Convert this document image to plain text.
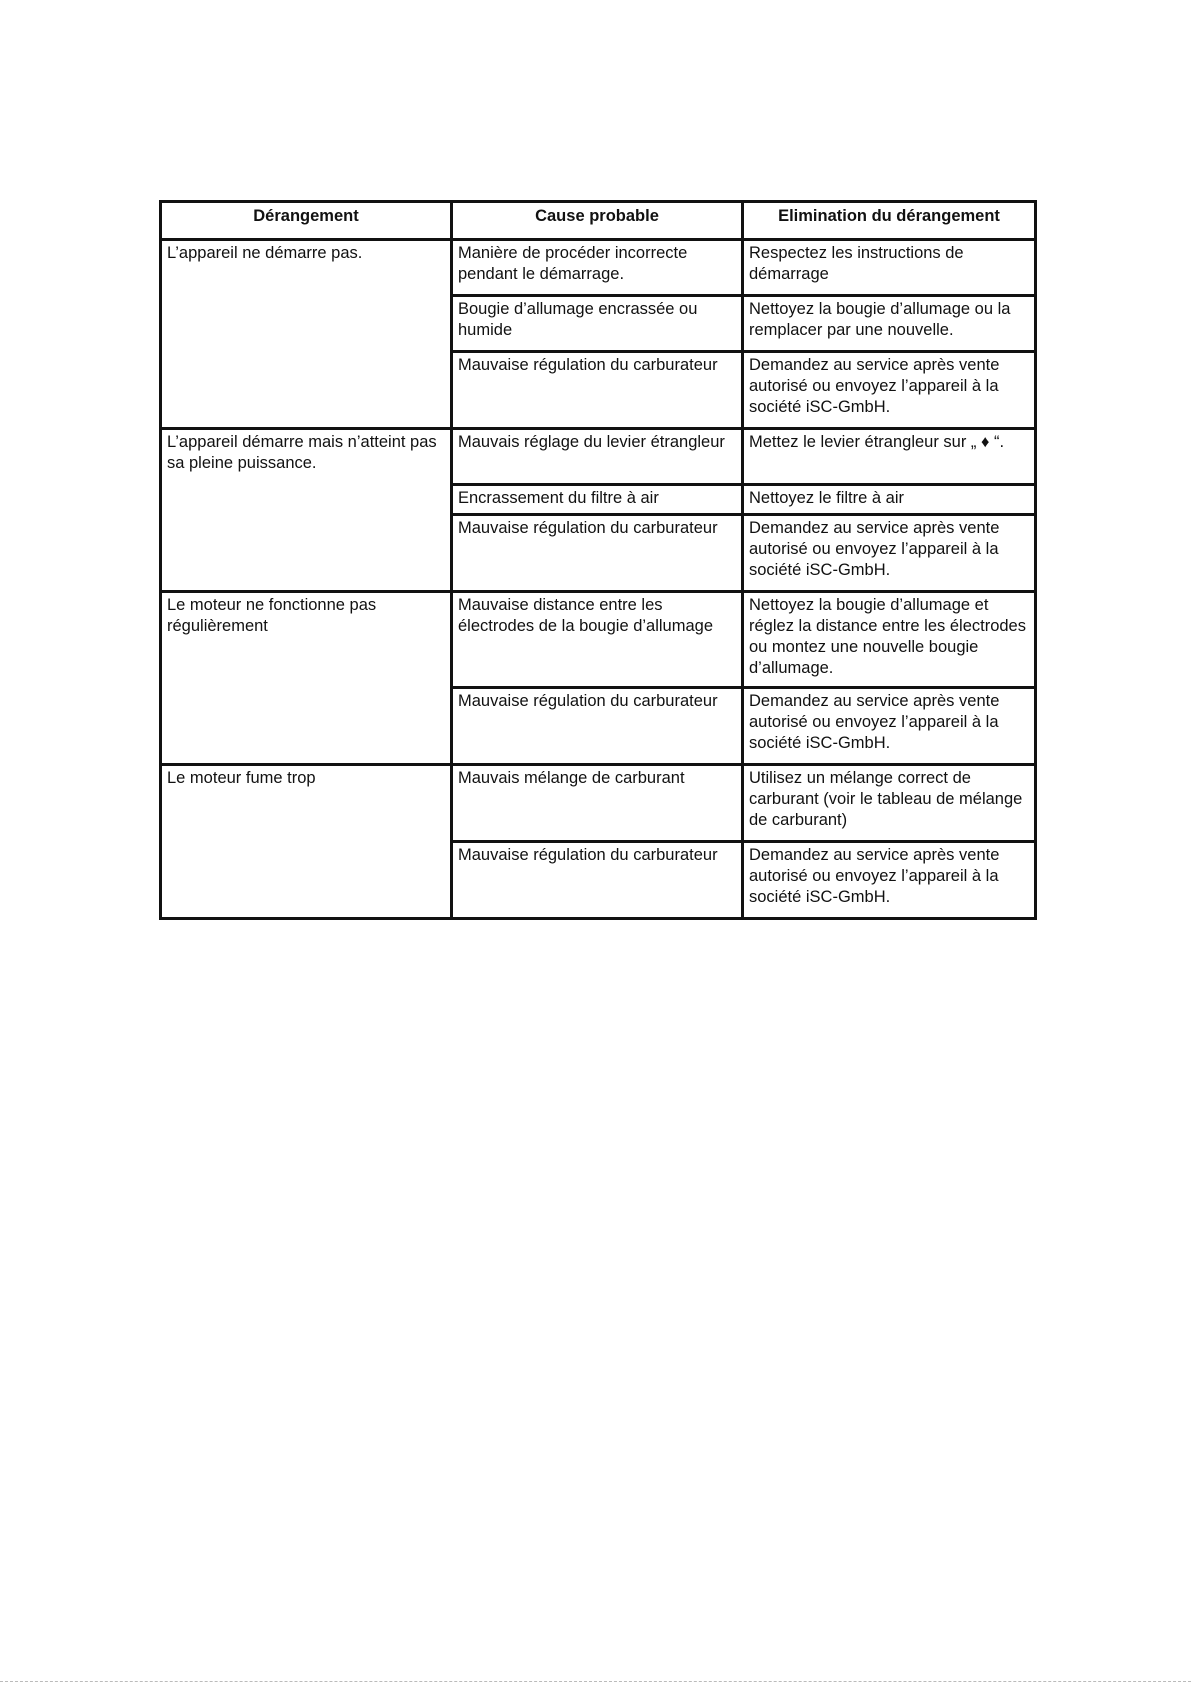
Dérangement	Cause probable	Elimination du dérangement
L’appareil ne démarre pas.	Manière de procéder incorrecte pendant le démarrage.	Respectez les instructions de démarrage
	Bougie d’allumage encrassée ou humide	Nettoyez la bougie d’allumage ou la remplacer par une nouvelle.
	Mauvaise régulation du carburateur	Demandez au service après vente autorisé ou envoyez l’appareil à la société iSC-GmbH.
L’appareil démarre mais n’atteint pas sa pleine puissance.	Mauvais réglage du levier étrangleur	Mettez le levier étrangleur sur „ ♦ “.
	Encrassement du filtre à air	Nettoyez le filtre à air
	Mauvaise régulation du carburateur	Demandez au service après vente autorisé ou envoyez l’appareil à la société iSC-GmbH.
Le moteur ne fonctionne pas régulièrement	Mauvaise distance entre les électrodes de la bougie d’allumage	Nettoyez la bougie d’allumage et réglez la distance entre les électrodes ou montez une nouvelle bougie d’allumage.
	Mauvaise régulation du carburateur	Demandez au service après vente autorisé ou envoyez l’appareil à la société iSC-GmbH.
Le moteur fume trop	Mauvais mélange de carburant	Utilisez un mélange correct de carburant (voir le tableau de mélange de carburant)
	Mauvaise régulation du carburateur	Demandez au service après vente autorisé ou envoyez l’appareil à la société iSC-GmbH.
